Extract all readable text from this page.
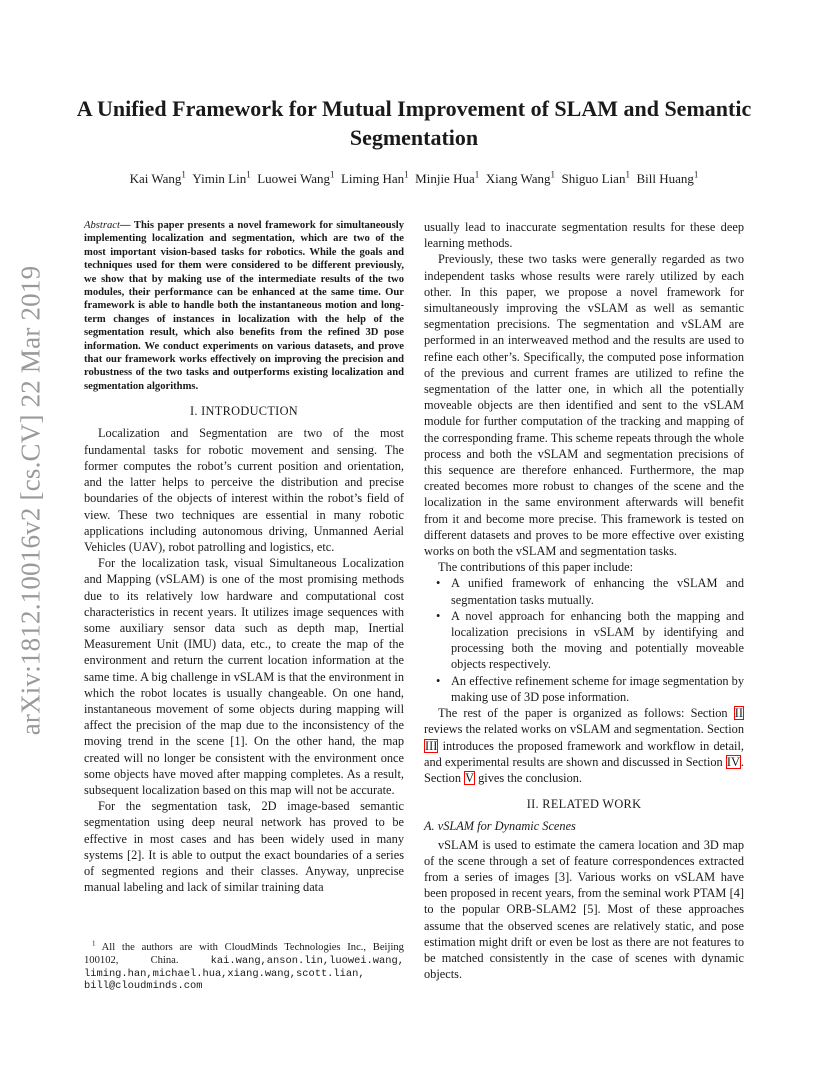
arXiv:1812.10016v2 [cs.CV] 22 Mar 2019
A Unified Framework for Mutual Improvement of SLAM and Semantic
Segmentation
Kai Wang$^1$  Yimin Lin$^1$  Luowei Wang$^1$  Liming Han$^1$  Minjie Hua$^1$  Xiang Wang$^1$  Shiguo Lian$^1$  Bill Huang$^1$

Abstract— This paper presents a novel framework for simultaneously implementing localization and segmentation, which are two of the most important vision-based tasks for robotics. While the goals and techniques used for them were considered to be different previously, we show that by making use of the intermediate results of the two modules, their performance can be enhanced at the same time. Our framework is able to handle both the instantaneous motion and long-term changes of instances in localization with the help of the segmentation result, which also benefits from the refined 3D pose information. We conduct experiments on various datasets, and prove that our framework works effectively on improving the precision and robustness of the two tasks and outperforms existing localization and segmentation algorithms.

I. INTRODUCTION

Localization and Segmentation are two of the most fundamental tasks for robotic movement and sensing. The former computes the robot’s current position and orientation, and the latter helps to perceive the distribution and precise boundaries of the objects of interest within the robot’s field of view. These two techniques are essential in many robotic applications including autonomous driving, Unmanned Aerial Vehicles (UAV), robot patrolling and logistics, etc.

For the localization task, visual Simultaneous Localization and Mapping (vSLAM) is one of the most promising methods due to its relatively low hardware and computational cost characteristics in recent years. It utilizes image sequences with some auxiliary sensor data such as depth map, Inertial Measurement Unit (IMU) data, etc., to create the map of the environment and return the current location information at the same time. A big challenge in vSLAM is that the environment in which the robot locates is usually changeable. On one hand, instantaneous movement of some objects during mapping will affect the precision of the map due to the inconsistency of the moving trend in the scene [1]. On the other hand, the map created will no longer be consistent with the environment once some objects have moved after mapping completes. As a result, subsequent localization based on this map will not be accurate.

For the segmentation task, 2D image-based semantic segmentation using deep neural network has proved to be effective in most cases and has been widely used in many systems [2]. It is able to output the exact boundaries of a series of segmented regions and their classes. Anyway, unprecise manual labeling and lack of similar training data

$^1$ All the authors are with CloudMinds Technologies Inc., Beijing 100102, China.	kai.wang,anson.lin,luowei.wang, liming.han,michael.hua,xiang.wang,scott.lian, bill@cloudminds.com

usually lead to inaccurate segmentation results for these deep learning methods.

Previously, these two tasks were generally regarded as two independent tasks whose results were rarely utilized by each other. In this paper, we propose a novel framework for simultaneously improving the vSLAM as well as semantic segmentation precisions. The segmentation and vSLAM are performed in an interweaved method and the results are used to refine each other’s. Specifically, the computed pose information of the previous and current frames are utilized to refine the segmentation of the latter one, in which all the potentially moveable objects are then identified and sent to the vSLAM module for further computation of the tracking and mapping of the corresponding frame. This scheme repeats through the whole process and both the vSLAM and segmentation precisions of this sequence are therefore enhanced. Furthermore, the map created becomes more robust to changes of the scene and the localization in the same environment afterwards will benefit from it and become more precise. This framework is tested on different datasets and proves to be more effective over existing works on both the vSLAM and segmentation tasks.

The contributions of this paper include:

• A unified framework of enhancing the vSLAM and segmentation tasks mutually.
• A novel approach for enhancing both the mapping and localization precisions in vSLAM by identifying and processing both the moving and potentially moveable objects respectively.
• An effective refinement scheme for image segmentation by making use of 3D pose information.

The rest of the paper is organized as follows: Section II reviews the related works on vSLAM and segmentation. Section III introduces the proposed framework and workflow in detail, and experimental results are shown and discussed in Section IV. Section V gives the conclusion.

II. RELATED WORK
A. vSLAM for Dynamic Scenes

vSLAM is used to estimate the camera location and 3D map of the scene through a set of feature correspondences extracted from a series of images [3]. Various works on vSLAM have been proposed in recent years, from the seminal work PTAM [4] to the popular ORB-SLAM2 [5]. Most of these approaches assume that the observed scenes are relatively static, and pose estimation might drift or even be lost as there are not features to be matched consistently in the case of scenes with dynamic objects.
